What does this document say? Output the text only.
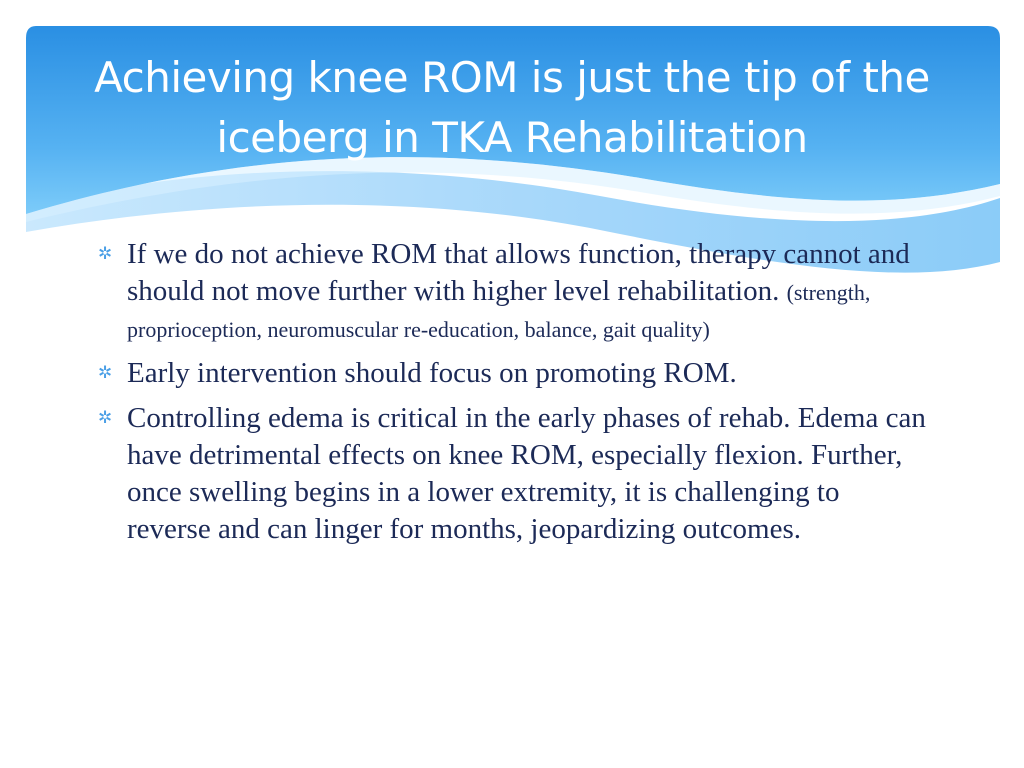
Achieving knee ROM is just the tip of the iceberg in TKA Rehabilitation
✲ If we do not achieve ROM that allows function, therapy cannot and should not move further with higher level rehabilitation. (strength, proprioception, neuromuscular re-education, balance, gait quality)
✲ Early intervention should focus on promoting ROM.
✲ Controlling edema is critical in the early phases of rehab. Edema can have detrimental effects on knee ROM, especially flexion. Further, once swelling begins in a lower extremity, it is challenging to reverse and can linger for months, jeopardizing outcomes.
